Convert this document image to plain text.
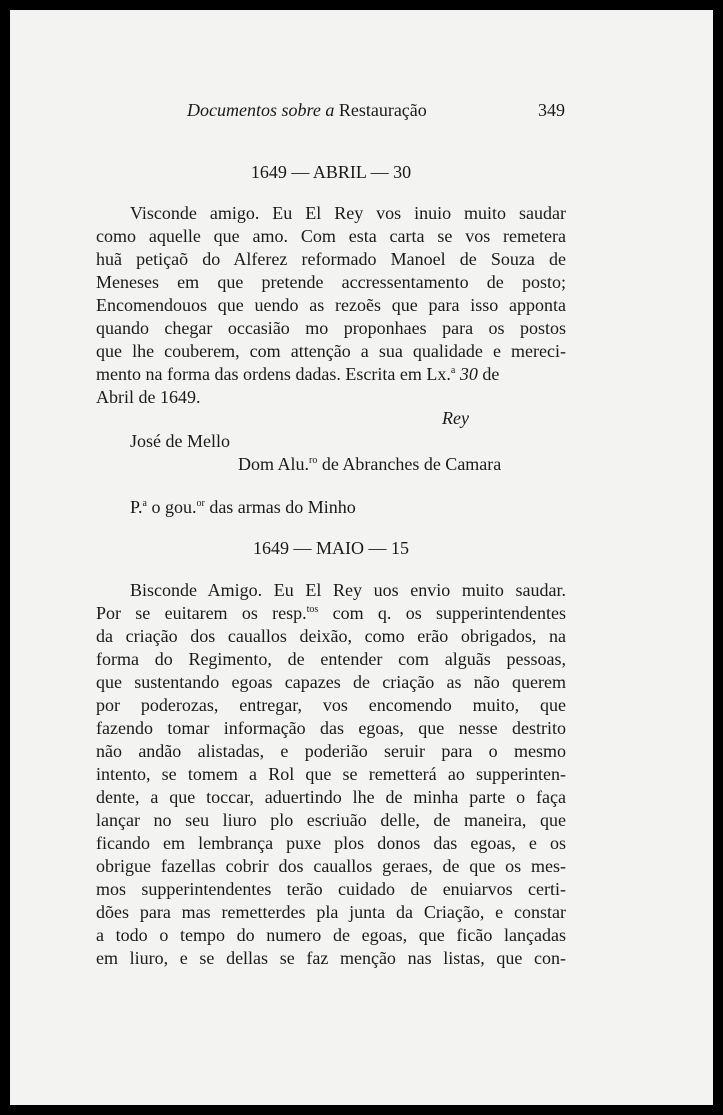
Documentos sobre a Restauração	349
1649 — ABRIL — 30
Visconde amigo. Eu El Rey vos inuio muito saudar
como aquelle que amo. Com esta carta se vos remetera
huã petiçaõ do Alferez reformado Manoel de Souza de
Meneses em que pretende accressentamento de posto;
Encomendouos que uendo as rezoẽs que para isso apponta
quando chegar occasião mo proponhaes para os postos
que lhe couberem, com attenção a sua qualidade e mereci-
mento na forma das ordens dadas. Escrita em Lx.$^a$ 30 de
Abril de 1649.
Rey
José de Mello
Dom Alu.$^{ro}$ de Abranches de Camara
P.$^a$ o gou.$^{or}$ das armas do Minho
1649 — MAIO — 15
Bisconde Amigo. Eu El Rey uos envio muito saudar.
Por se euitarem os resp.$^{tos}$ com q. os supperintendentes
da criação dos cauallos deixão, como erão obrigados, na
forma do Regimento, de entender com alguãs pessoas,
que sustentando egoas capazes de criação as não querem
por poderozas, entregar, vos encomendo muito, que
fazendo tomar informação das egoas, que nesse destrito
não andão alistadas, e poderião seruir para o mesmo
intento, se tomem a Rol que se remetterá ao supperinten-
dente, a que toccar, aduertindo lhe de minha parte o faça
lançar no seu liuro plo escriuão delle, de maneira, que
ficando em lembrança puxe plos donos das egoas, e os
obrigue fazellas cobrir dos cauallos geraes, de que os mes-
mos supperintendentes terão cuidado de enuiarvos certi-
dões para mas remetterdes pla junta da Criação, e constar
a todo o tempo do numero de egoas, que ficão lançadas
em liuro, e se dellas se faz menção nas listas, que con-
